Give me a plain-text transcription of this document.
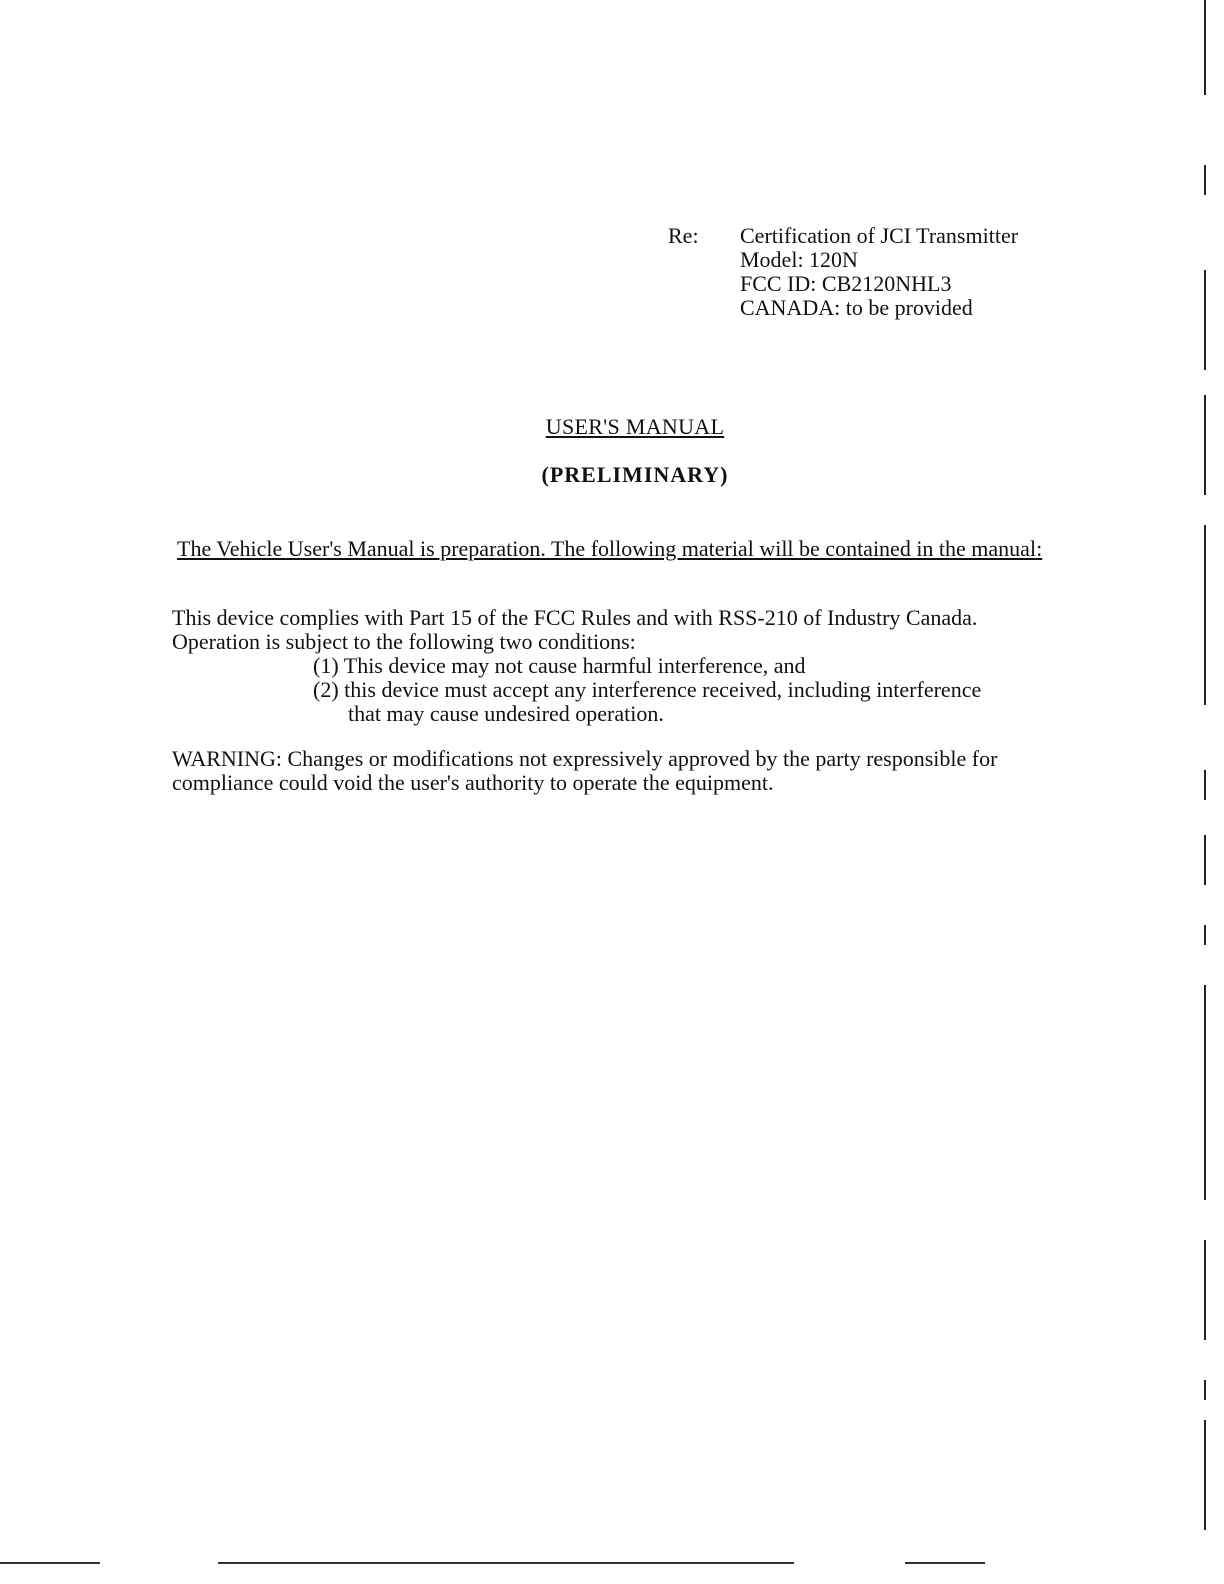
Re: Certification of JCI Transmitter
Model: 120N
FCC ID: CB2120NHL3
CANADA: to be provided
USER'S MANUAL
(PRELIMINARY)
The Vehicle User's Manual is preparation. The following material will be contained in the manual:
This device complies with Part 15 of the FCC Rules and with RSS-210 of Industry Canada.
Operation is subject to the following two conditions:
(1) This device may not cause harmful interference, and
(2) this device must accept any interference received, including interference
that may cause undesired operation.
WARNING: Changes or modifications not expressively approved by the party responsible for
compliance could void the user's authority to operate the equipment.
